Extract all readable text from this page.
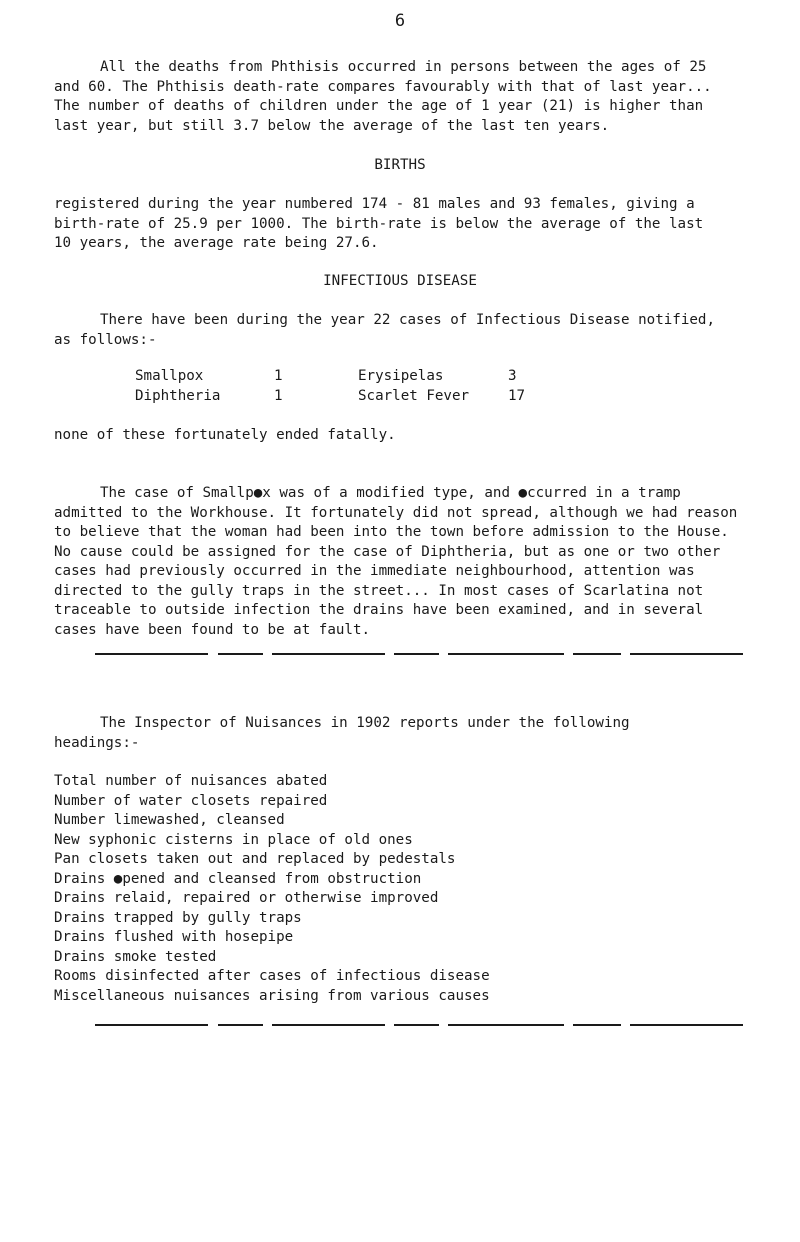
6

All the deaths from Phthisis occurred in persons between the ages of 25

and 60. The Phthisis death-rate compares favourably with that of last year...

The number of deaths of children under the age of 1 year (21) is higher than

last year, but still 3.7 below the average of the last ten years.

BIRTHS

registered during the year numbered 174 - 81 males and 93 females, giving a

birth-rate of 25.9 per 1000. The birth-rate is below the average of the last

10 years, the average rate being 27.6.

INFECTIOUS DISEASE

There have been during the year 22 cases of Infectious Disease notified,

as follows:-

Smallpox	1	Erysipelas	3
Diphtheria	1	Scarlet Fever	17
none of these fortunately ended fatally.

The case of Smallp●x was of a modified type, and ●ccurred in a tramp

admitted to the Workhouse. It fortunately did not spread, although we had reason

to believe that the woman had been into the town before admission to the House.

No cause could be assigned for the case of Diphtheria, but as one or two other

cases had previously occurred in the immediate neighbourhood, attention was

directed to the gully traps in the street... In most cases of Scarlatina not

traceable to outside infection the drains have been examined, and in several

cases have been found to be at fault.

The Inspector of Nuisances in 1902 reports under the following

headings:-

Total number of nuisances abated

Number of water closets repaired

Number limewashed, cleansed

New syphonic cisterns in place of old ones

Pan closets taken out and replaced by pedestals

Drains ●pened and cleansed from obstruction

Drains relaid, repaired or otherwise improved

Drains trapped by gully traps

Drains flushed with hosepipe

Drains smoke tested

Rooms disinfected after cases of infectious disease

Miscellaneous nuisances arising from various causes
